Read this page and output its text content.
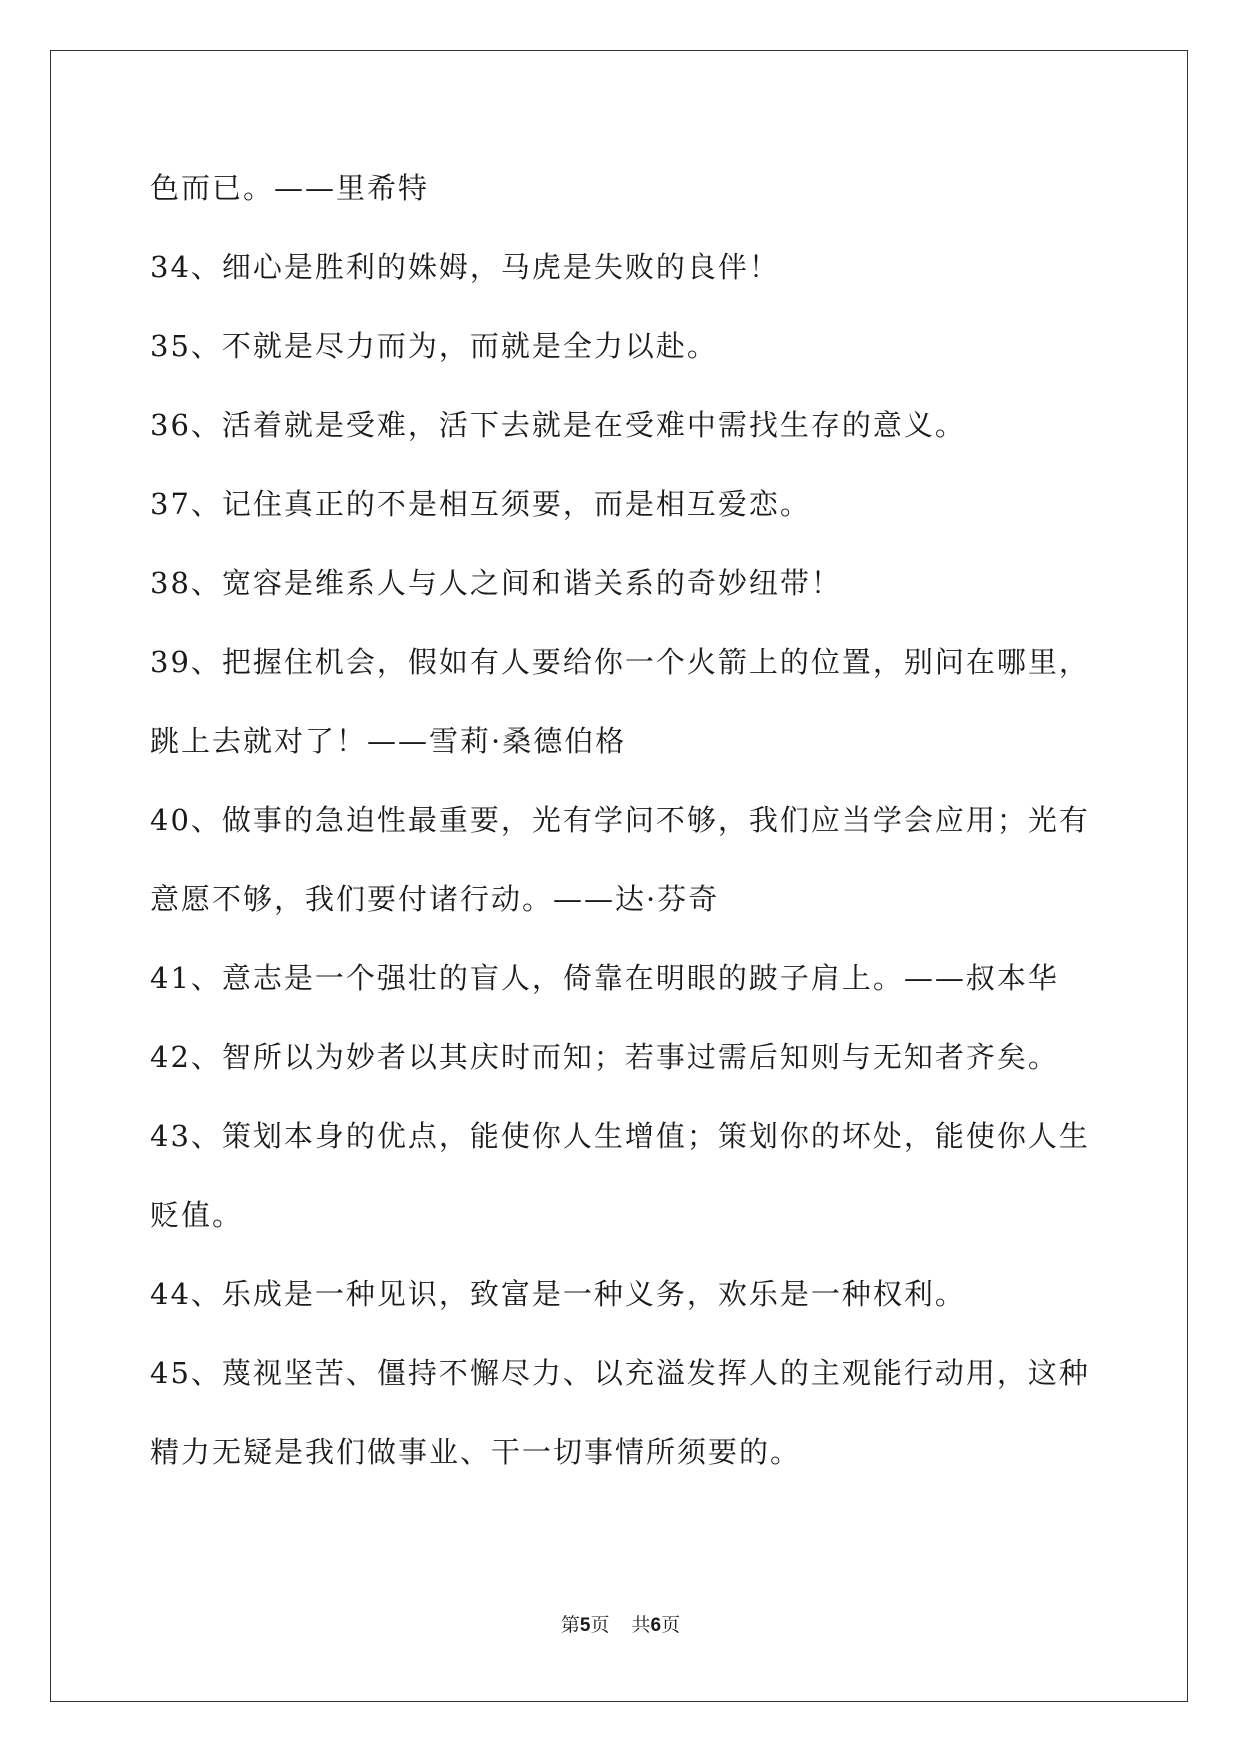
色而已。——里希特
34、细心是胜利的姝姆，马虎是失败的良伴！
35、不就是尽力而为，而就是全力以赴。
36、活着就是受难，活下去就是在受难中需找生存的意义。
37、记住真正的不是相互须要，而是相互爱恋。
38、宽容是维系人与人之间和谐关系的奇妙纽带！
39、把握住机会，假如有人要给你一个火箭上的位置，别问在哪里，
跳上去就对了！——雪莉·桑德伯格
40、做事的急迫性最重要，光有学问不够，我们应当学会应用；光有
意愿不够，我们要付诸行动。——达·芬奇
41、意志是一个强壮的盲人，倚靠在明眼的跛子肩上。——叔本华
42、智所以为妙者以其庆时而知；若事过需后知则与无知者齐矣。
43、策划本身的优点，能使你人生增值；策划你的坏处，能使你人生
贬值。
44、乐成是一种见识，致富是一种义务，欢乐是一种权利。
45、蔑视坚苦、僵持不懈尽力、以充溢发挥人的主观能行动用，这种
精力无疑是我们做事业、干一切事情所须要的。
第5页 共6页
